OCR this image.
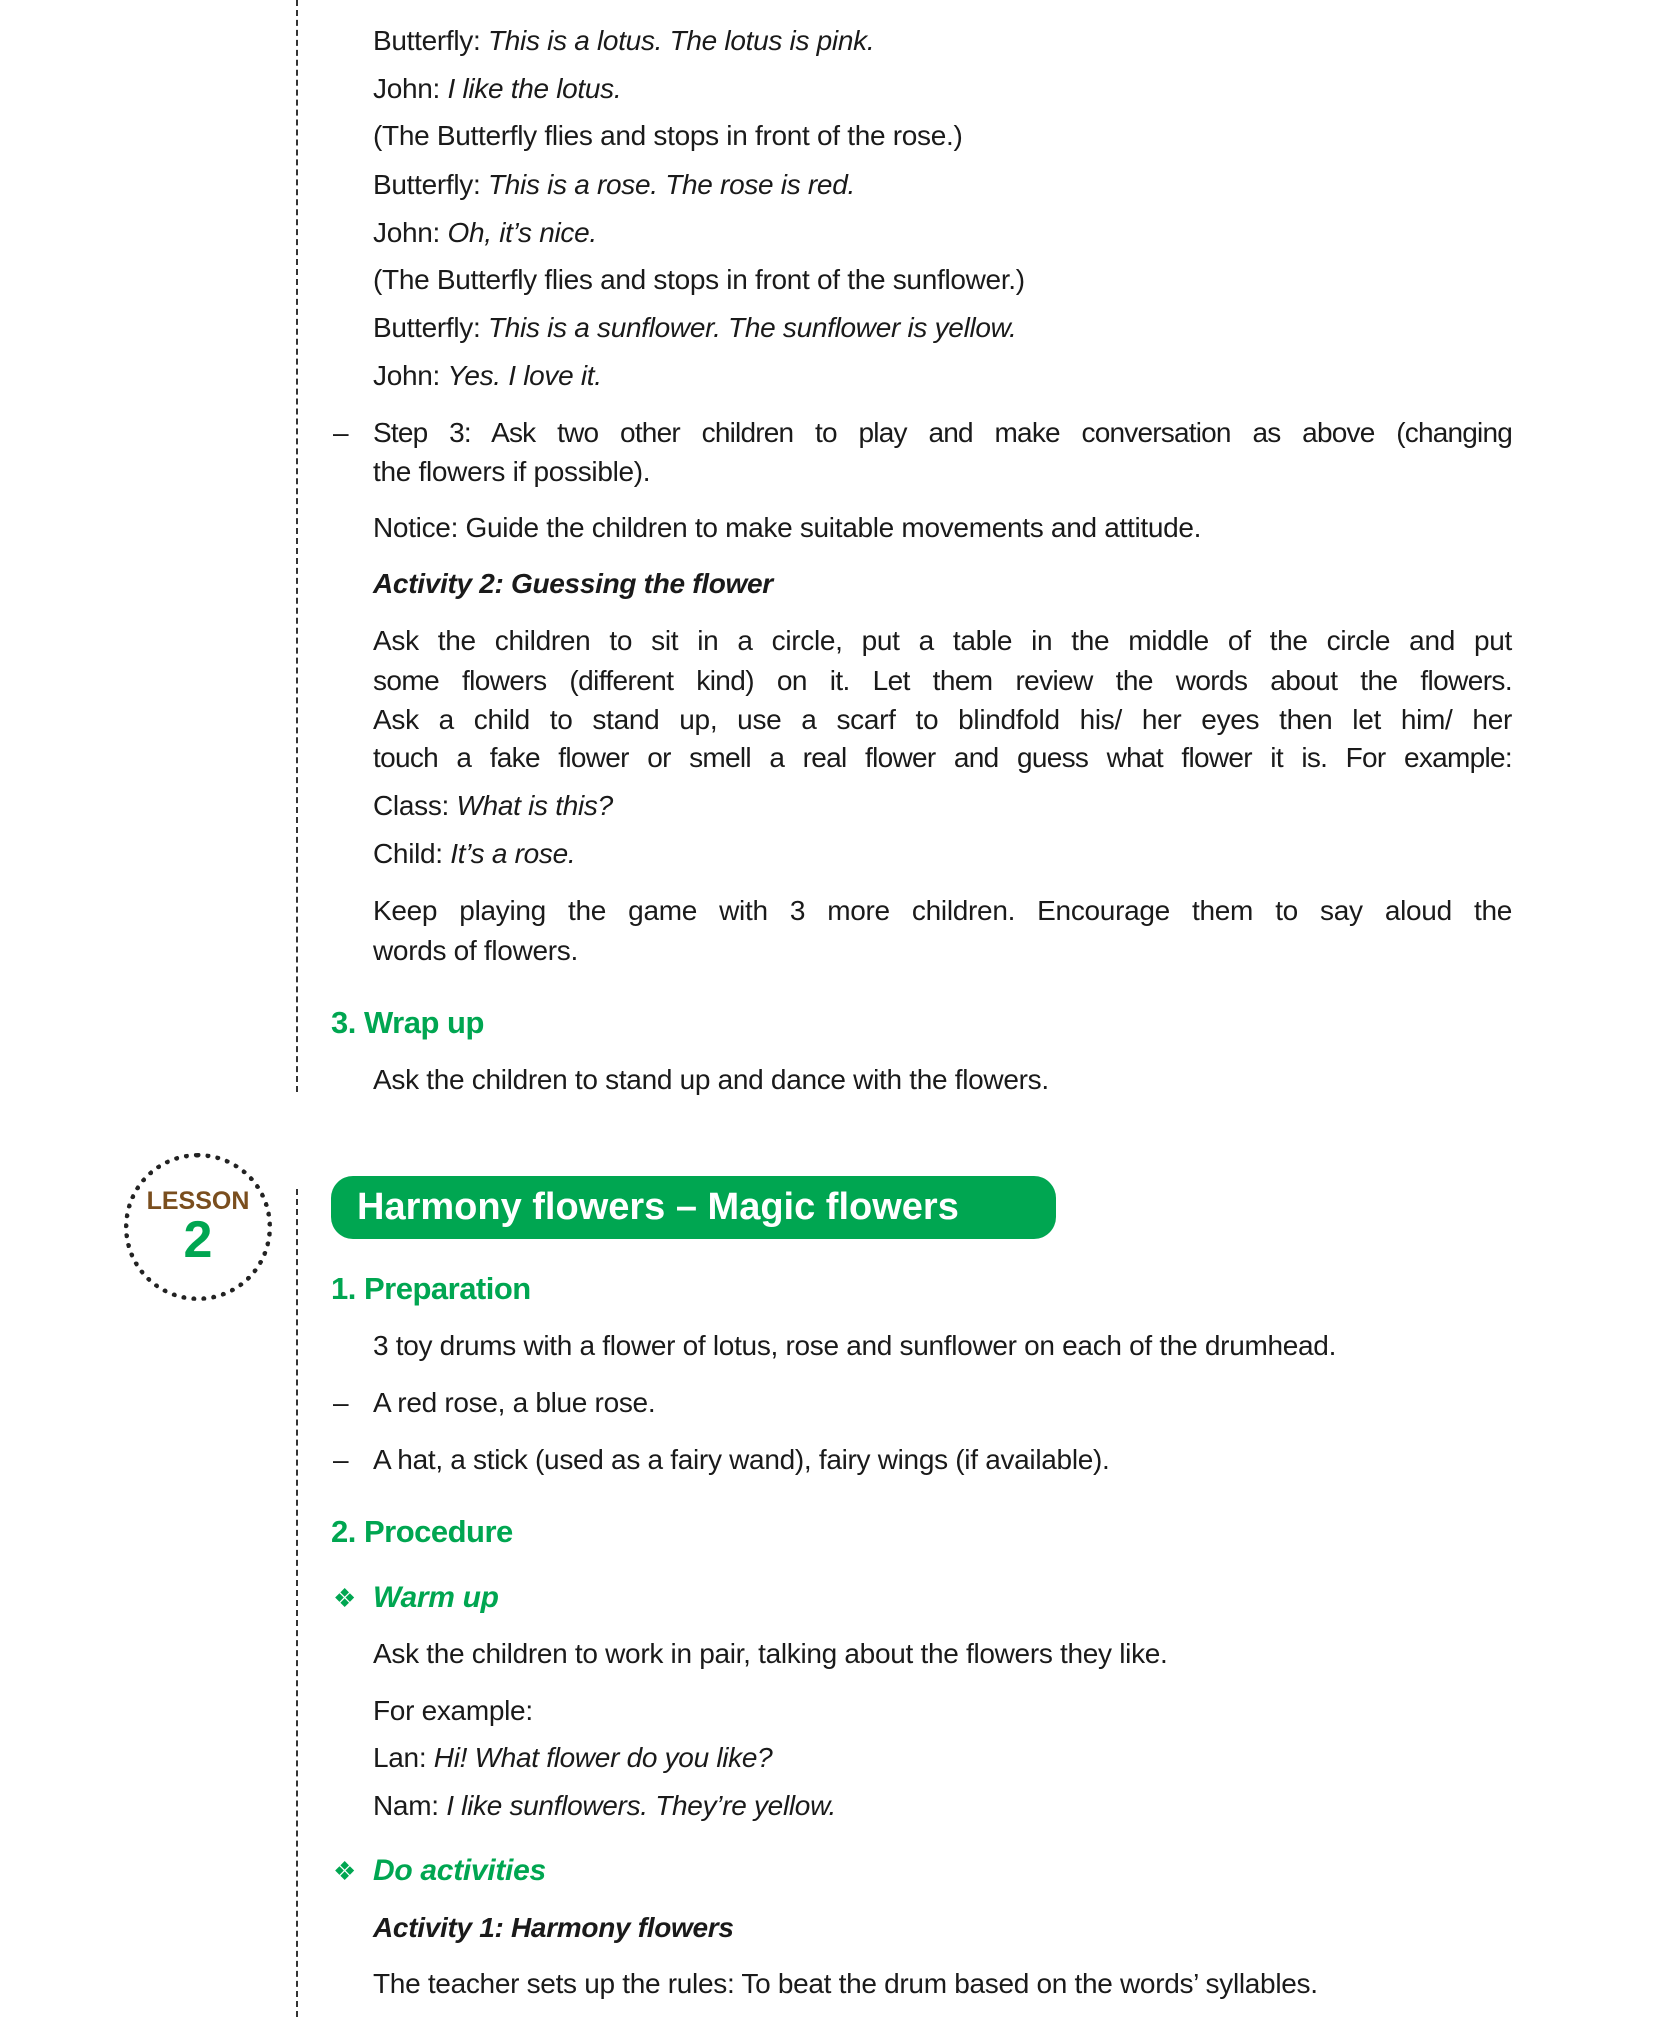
Butterfly: This is a lotus. The lotus is pink.
John: I like the lotus.
(The Butterfly flies and stops in front of the rose.)
Butterfly: This is a rose. The rose is red.
John: Oh, it’s nice.
(The Butterfly flies and stops in front of the sunflower.)
Butterfly: This is a sunflower. The sunflower is yellow.
John: Yes. I love it.
– Step 3: Ask two other children to play and make conversation as above (changing
the flowers if possible).
Notice: Guide the children to make suitable movements and attitude.
Activity 2: Guessing the flower
Ask the children to sit in a circle, put a table in the middle of the circle and put
some flowers (different kind) on it. Let them review the words about the flowers.
Ask a child to stand up, use a scarf to blindfold his/ her eyes then let him/ her
touch a fake flower or smell a real flower and guess what flower it is. For example:
Class: What is this?
Child: It’s a rose.
Keep playing the game with 3 more children. Encourage them to say aloud the
words of flowers.
3. Wrap up
Ask the children to stand up and dance with the flowers.
LESSON
2
Harmony flowers – Magic flowers
1. Preparation
3 toy drums with a flower of lotus, rose and sunflower on each of the drumhead.
– A red rose, a blue rose.
– A hat, a stick (used as a fairy wand), fairy wings (if available).
2. Procedure
❖ Warm up
Ask the children to work in pair, talking about the flowers they like.
For example:
Lan: Hi! What flower do you like?
Nam: I like sunflowers. They’re yellow.
❖ Do activities
Activity 1: Harmony flowers
The teacher sets up the rules: To beat the drum based on the words’ syllables.
